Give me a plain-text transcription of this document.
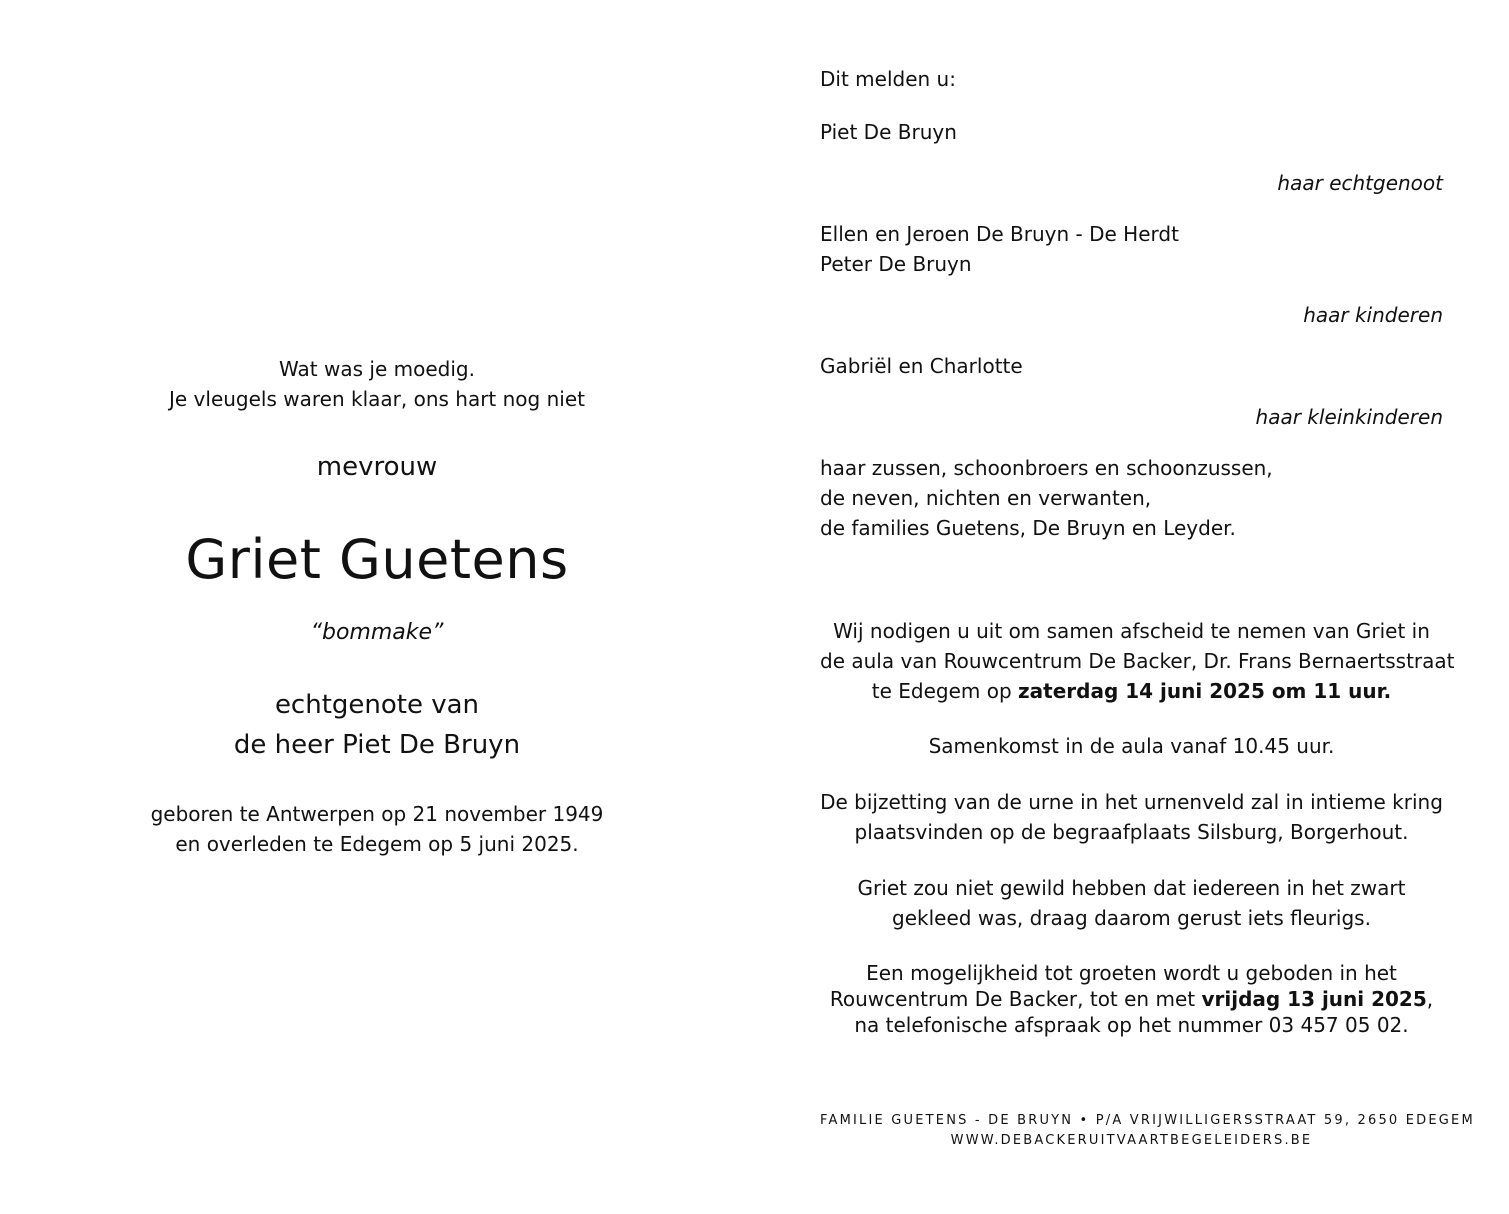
Wat was je moedig.
Je vleugels waren klaar, ons hart nog niet
mevrouw
Griet Guetens
“bommake”
echtgenote van
de heer Piet De Bruyn
geboren te Antwerpen op 21 november 1949
en overleden te Edegem op 5 juni 2025.
Dit melden u:
Piet De Bruyn
haar echtgenoot
Ellen en Jeroen De Bruyn - De Herdt
Peter De Bruyn
haar kinderen
Gabriël en Charlotte
haar kleinkinderen
haar zussen, schoonbroers en schoonzussen,
de neven, nichten en verwanten,
de families Guetens, De Bruyn en Leyder.
Wij nodigen u uit om samen afscheid te nemen van Griet in
de aula van Rouwcentrum De Backer, Dr. Frans Bernaertsstraat
te Edegem op zaterdag 14 juni 2025 om 11 uur.
Samenkomst in de aula vanaf 10.45 uur.
De bijzetting van de urne in het urnenveld zal in intieme kring
plaatsvinden op de begraafplaats Silsburg, Borgerhout.
Griet zou niet gewild hebben dat iedereen in het zwart
gekleed was, draag daarom gerust iets fleurigs.
Een mogelijkheid tot groeten wordt u geboden in het
Rouwcentrum De Backer, tot en met vrijdag 13 juni 2025,
na telefonische afspraak op het nummer 03 457 05 02.
FAMILIE GUETENS - DE BRUYN • P/A VRIJWILLIGERSSTRAAT 59, 2650 EDEGEM
WWW.DEBACKERUITVAARTBEGELEIDERS.BE
